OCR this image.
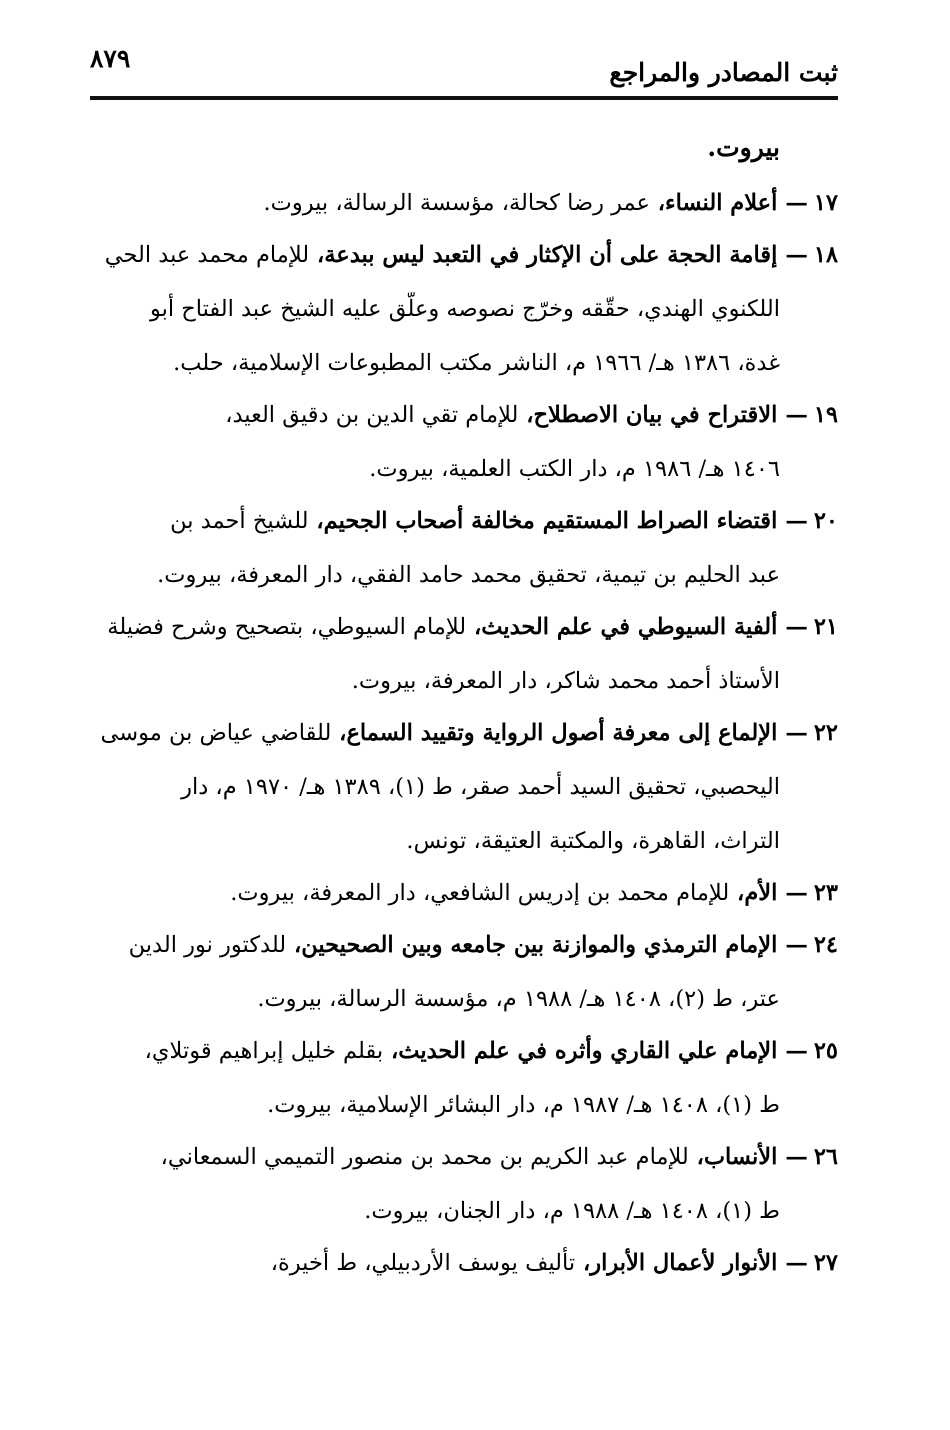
ثبت المصادر والمراجع
٨٧٩
بيروت.
١٧—أعلام النساء، عمر رضا كحالة، مؤسسة الرسالة، بيروت.
١٨—إقامة الحجة على أن الإكثار في التعبد ليس ببدعة، للإمام محمد عبد الحي
اللكنوي الهندي، حقّقه وخرّج نصوصه وعلّق عليه الشيخ عبد الفتاح أبو
غدة، ١٣٨٦ هـ/ ١٩٦٦ م، الناشر مكتب المطبوعات الإسلامية، حلب.
١٩—الاقتراح في بيان الاصطلاح، للإمام تقي الدين بن دقيق العيد،
١٤٠٦ هـ/ ١٩٨٦ م، دار الكتب العلمية، بيروت.
٢٠—اقتضاء الصراط المستقيم مخالفة أصحاب الجحيم، للشيخ أحمد بن
عبد الحليم بن تيمية، تحقيق محمد حامد الفقي، دار المعرفة، بيروت.
٢١—ألفية السيوطي في علم الحديث، للإمام السيوطي، بتصحيح وشرح فضيلة
الأستاذ أحمد محمد شاكر، دار المعرفة، بيروت.
٢٢—الإلماع إلى معرفة أصول الرواية وتقييد السماع، للقاضي عياض بن موسى
اليحصبي، تحقيق السيد أحمد صقر، ط (١)، ١٣٨٩ هـ/ ١٩٧٠ م، دار
التراث، القاهرة، والمكتبة العتيقة، تونس.
٢٣—الأم، للإمام محمد بن إدريس الشافعي، دار المعرفة، بيروت.
٢٤—الإمام الترمذي والموازنة بين جامعه وبين الصحيحين، للدكتور نور الدين
عتر، ط (٢)، ١٤٠٨ هـ/ ١٩٨٨ م، مؤسسة الرسالة، بيروت.
٢٥—الإمام علي القاري وأثره في علم الحديث، بقلم خليل إبراهيم قوتلاي،
ط (١)، ١٤٠٨ هـ/ ١٩٨٧ م، دار البشائر الإسلامية، بيروت.
٢٦—الأنساب، للإمام عبد الكريم بن محمد بن منصور التميمي السمعاني،
ط (١)، ١٤٠٨ هـ/ ١٩٨٨ م، دار الجنان، بيروت.
٢٧—الأنوار لأعمال الأبرار، تأليف يوسف الأردبيلي، ط أخيرة،
